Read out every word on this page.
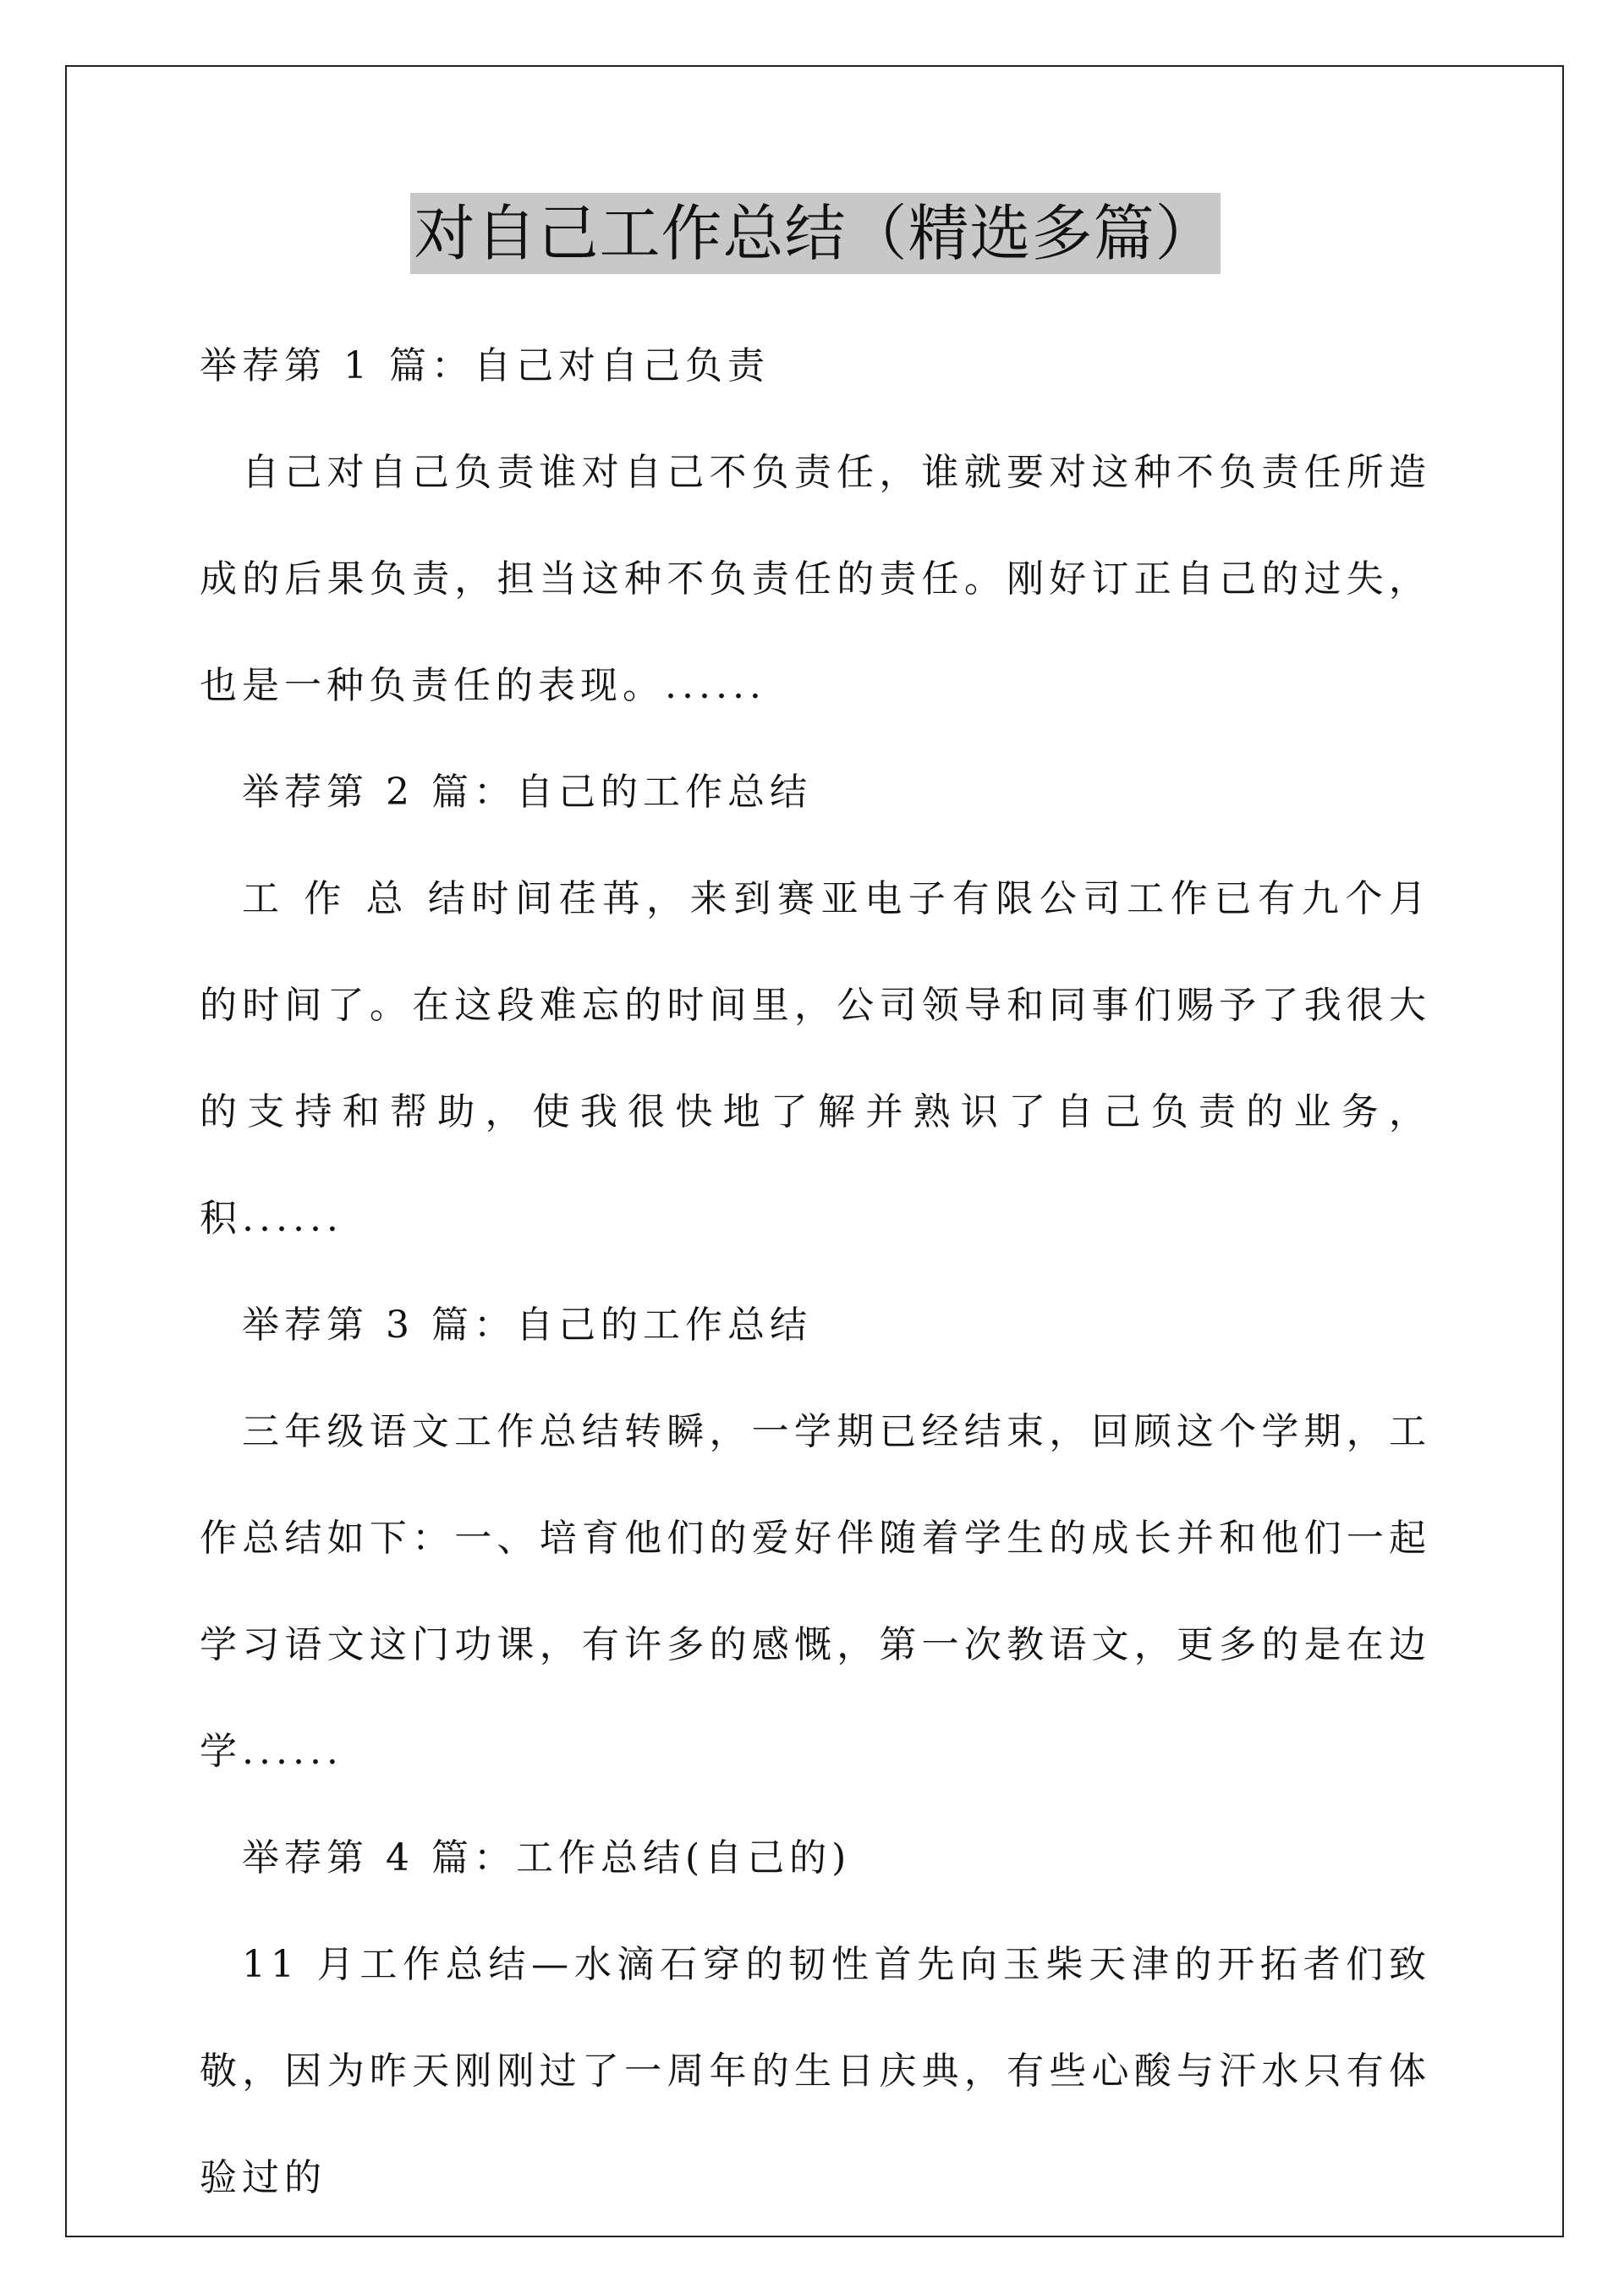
对自己工作总结（精选多篇）

举荐第 1 篇：自己对自己负责

自己对自己负责谁对自己不负责任，谁就要对这种不负责任所造成的后果负责，担当这种不负责任的责任。刚好订正自己的过失，也是一种负责任的表现。......

举荐第 2 篇：自己的工作总结

工 作 总 结时间荏苒，来到赛亚电子有限公司工作已有九个月的时间了。在这段难忘的时间里，公司领导和同事们赐予了我很大的支持和帮助，使我很快地了解并熟识了自己负责的业务，积......

举荐第 3 篇：自己的工作总结

三年级语文工作总结转瞬，一学期已经结束，回顾这个学期，工作总结如下：一、培育他们的爱好伴随着学生的成长并和他们一起学习语文这门功课，有许多的感慨，第一次教语文，更多的是在边学......

举荐第 4 篇：工作总结(自己的)

11 月工作总结—水滴石穿的韧性首先向玉柴天津的开拓者们致敬，因为昨天刚刚过了一周年的生日庆典，有些心酸与汗水只有体验过的
